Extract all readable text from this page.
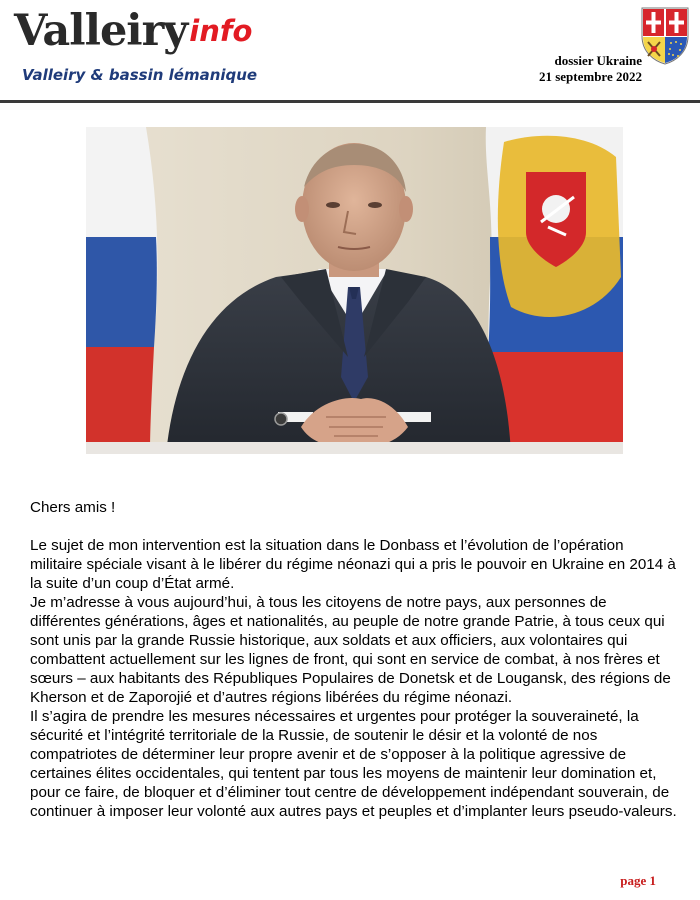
Valleiryinfo
Valleiry & bassin lémanique
dossier Ukraine
21 septembre 2022

Chers amis !

Le sujet de mon intervention est la situation dans le Donbass et l’évolution de l’opération militaire spéciale visant à le libérer du régime néonazi qui a pris le pouvoir en Ukraine en 2014 à la suite d’un coup d’État armé.

Je m’adresse à vous aujourd’hui, à tous les citoyens de notre pays, aux personnes de différentes générations, âges et nationalités, au peuple de notre grande Patrie, à tous ceux qui sont unis par la grande Russie historique, aux soldats et aux officiers, aux volontaires qui combattent actuellement sur les lignes de front, qui sont en service de combat, à nos frères et sœurs – aux habitants des Républiques Populaires de Donetsk et de Lougansk, des régions de Kherson et de Zaporojié et d’autres régions libérées du régime néonazi.

Il s’agira de prendre les mesures nécessaires et urgentes pour protéger la souveraineté, la sécurité et l’intégrité territoriale de la Russie, de soutenir le désir et la volonté de nos compatriotes de déterminer leur propre avenir et de s’opposer à la politique agressive de certaines élites occidentales, qui tentent par tous les moyens de maintenir leur domination et, pour ce faire, de bloquer et d’éliminer tout centre de développement indépendant souverain, de continuer à imposer leur volonté aux autres pays et peuples et d’implanter leurs pseudo-valeurs.

page 1
